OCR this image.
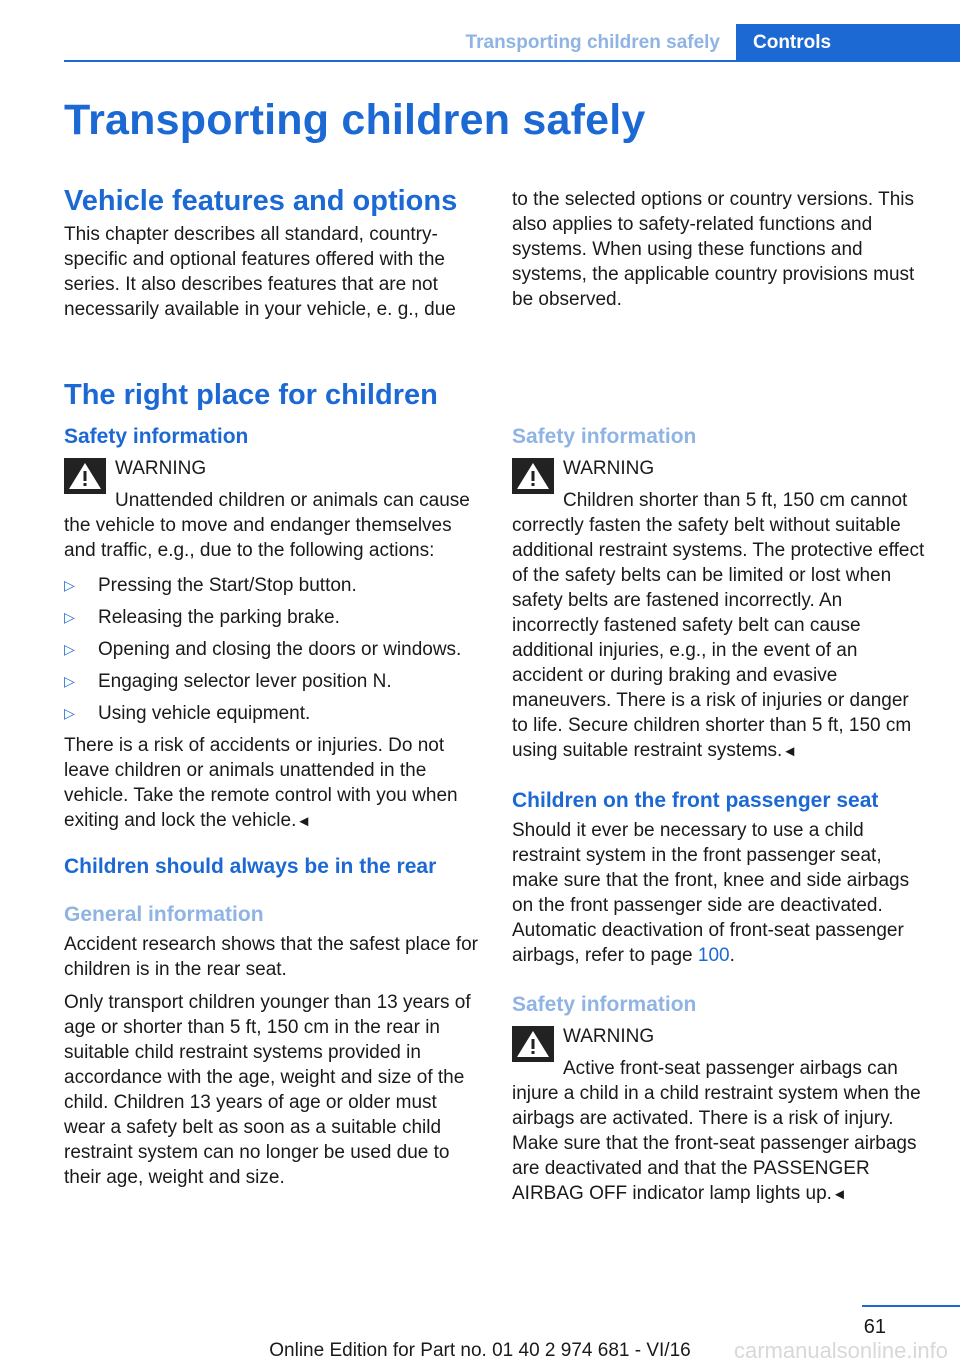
Transporting children safely	Controls
Transporting children safely
Vehicle features and options

This chapter describes all standard, country-specific and optional features offered with the series. It also describes features that are not necessarily available in your vehicle, e. g., due

to the selected options or country versions. This also applies to safety-related functions and systems. When using these functions and systems, the applicable country provisions must be observed.

The right place for children
Safety information
WARNING

Unattended children or animals can cause the vehicle to move and endanger themselves and traffic, e.g., due to the following actions:

▷ Pressing the Start/Stop button.
▷ Releasing the parking brake.
▷ Opening and closing the doors or windows.
▷ Engaging selector lever position N.
▷ Using vehicle equipment.

There is a risk of accidents or injuries. Do not leave children or animals unattended in the vehicle. Take the remote control with you when exiting and lock the vehicle.◄

Children should always be in the rear
General information

Accident research shows that the safest place for children is in the rear seat.

Only transport children younger than 13 years of age or shorter than 5 ft, 150 cm in the rear in suitable child restraint systems provided in accordance with the age, weight and size of the child. Children 13 years of age or older must wear a safety belt as soon as a suitable child restraint system can no longer be used due to their age, weight and size.

Safety information
WARNING

Children shorter than 5 ft, 150 cm cannot correctly fasten the safety belt without suitable additional restraint systems. The protective effect of the safety belts can be limited or lost when safety belts are fastened incorrectly. An incorrectly fastened safety belt can cause additional injuries, e.g., in the event of an accident or during braking and evasive maneuvers. There is a risk of injuries or danger to life. Secure children shorter than 5 ft, 150 cm using suitable restraint systems.◄

Children on the front passenger seat

Should it ever be necessary to use a child restraint system in the front passenger seat, make sure that the front, knee and side airbags on the front passenger side are deactivated. Automatic deactivation of front-seat passenger airbags, refer to page 100.

Safety information
WARNING

Active front-seat passenger airbags can injure a child in a child restraint system when the airbags are activated. There is a risk of injury. Make sure that the front-seat passenger airbags are deactivated and that the PASSENGER AIRBAG OFF indicator lamp lights up.◄

61
Online Edition for Part no. 01 40 2 974 681 - VI/16	carmanualsonline.info
